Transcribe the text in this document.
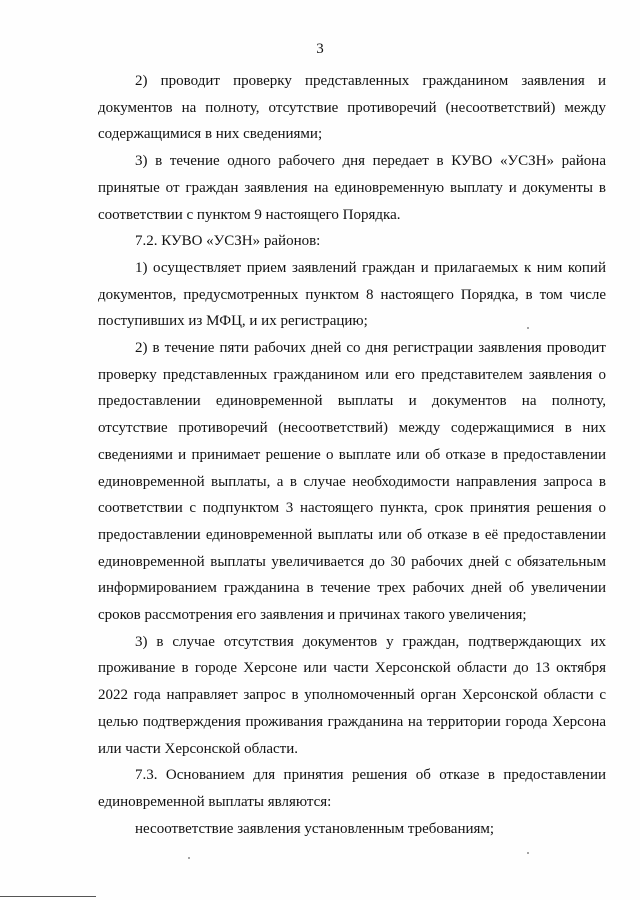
3

2) проводит проверку представленных гражданином заявления и документов на полноту, отсутствие противоречий (несоответствий) между содержащимися в них сведениями;

3) в течение одного рабочего дня передает в КУВО «УСЗН» района принятые от граждан заявления на единовременную выплату и документы в соответствии с пунктом 9 настоящего Порядка.

7.2. КУВО «УСЗН» районов:

1) осуществляет прием заявлений граждан и прилагаемых к ним копий документов, предусмотренных пунктом 8 настоящего Порядка, в том числе поступивших из МФЦ, и их регистрацию;

2) в течение пяти рабочих дней со дня регистрации заявления проводит проверку представленных гражданином или его представителем заявления о предоставлении единовременной выплаты и документов на полноту, отсутствие противоречий (несоответствий) между содержащимися в них сведениями и принимает решение о выплате или об отказе в предоставлении единовременной выплаты, а в случае необходимости направления запроса в соответствии с подпунктом 3 настоящего пункта, срок принятия решения о предоставлении единовременной выплаты или об отказе в её предоставлении единовременной выплаты увеличивается до 30 рабочих дней с обязательным информированием гражданина в течение трех рабочих дней об увеличении сроков рассмотрения его заявления и причинах такого увеличения;

3) в случае отсутствия документов у граждан, подтверждающих их проживание в городе Херсоне или части Херсонской области до 13 октября 2022 года направляет запрос в уполномоченный орган Херсонской области с целью подтверждения проживания гражданина на территории города Херсона или части Херсонской области.

7.3. Основанием для принятия решения об отказе в предоставлении единовременной выплаты являются:

несоответствие заявления установленным требованиям;
